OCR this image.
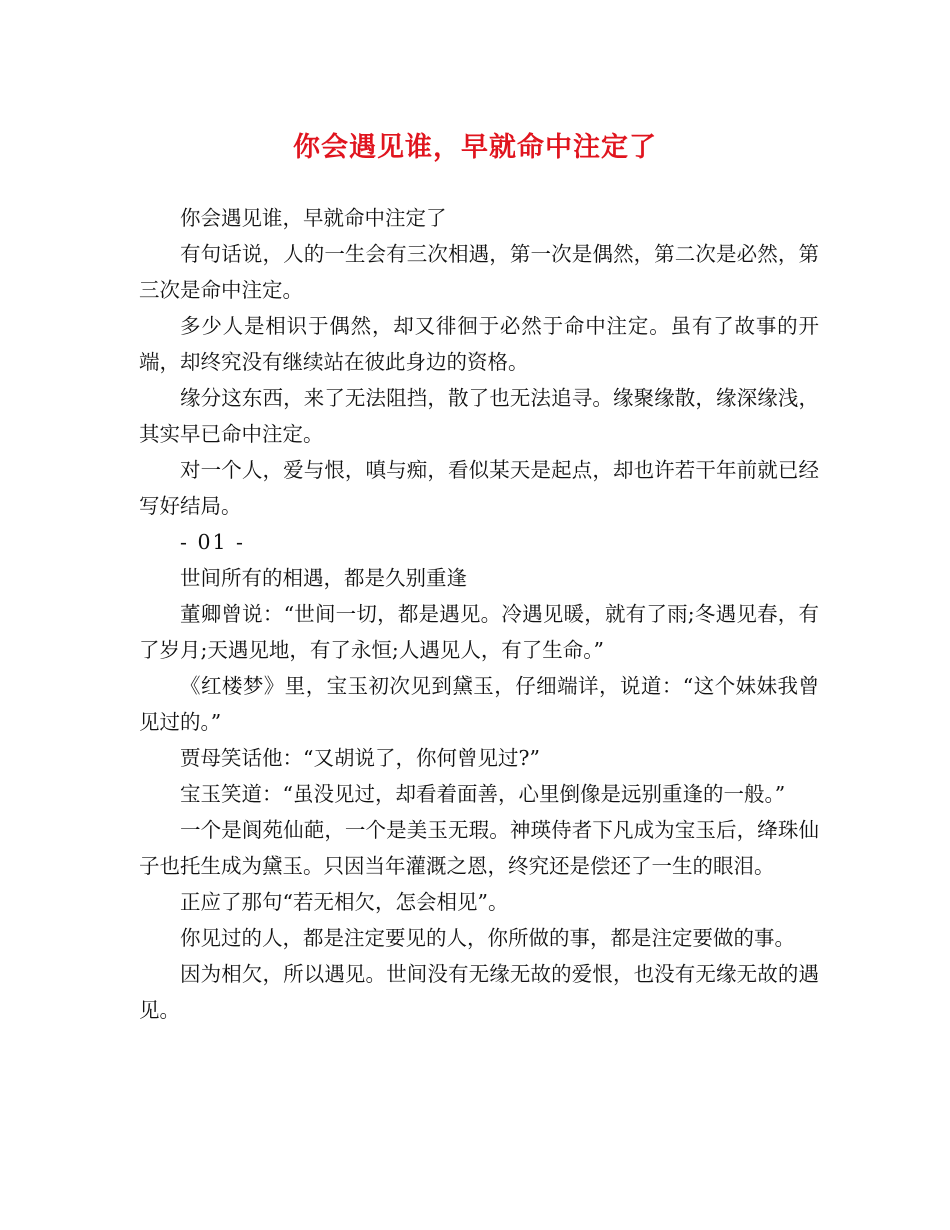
你会遇见谁，早就命中注定了

你会遇见谁，早就命中注定了

有句话说，人的一生会有三次相遇，第一次是偶然，第二次是必然，第三次是命中注定。

多少人是相识于偶然，却又徘徊于必然于命中注定。虽有了故事的开端，却终究没有继续站在彼此身边的资格。

缘分这东西，来了无法阻挡，散了也无法追寻。缘聚缘散，缘深缘浅，其实早已命中注定。

对一个人，爱与恨，嗔与痴，看似某天是起点，却也许若干年前就已经写好结局。

- 01 -

世间所有的相遇，都是久别重逢

董卿曾说：“世间一切，都是遇见。冷遇见暖，就有了雨;冬遇见春，有了岁月;天遇见地，有了永恒;人遇见人，有了生命。”

《红楼梦》里，宝玉初次见到黛玉，仔细端详，说道：“这个妹妹我曾见过的。”

贾母笑话他：“又胡说了，你何曾见过?”

宝玉笑道：“虽没见过，却看着面善，心里倒像是远别重逢的一般。”

一个是阆苑仙葩，一个是美玉无瑕。神瑛侍者下凡成为宝玉后，绛珠仙子也托生成为黛玉。只因当年灌溉之恩，终究还是偿还了一生的眼泪。

正应了那句“若无相欠，怎会相见”。

你见过的人，都是注定要见的人，你所做的事，都是注定要做的事。

因为相欠，所以遇见。世间没有无缘无故的爱恨，也没有无缘无故的遇见。
